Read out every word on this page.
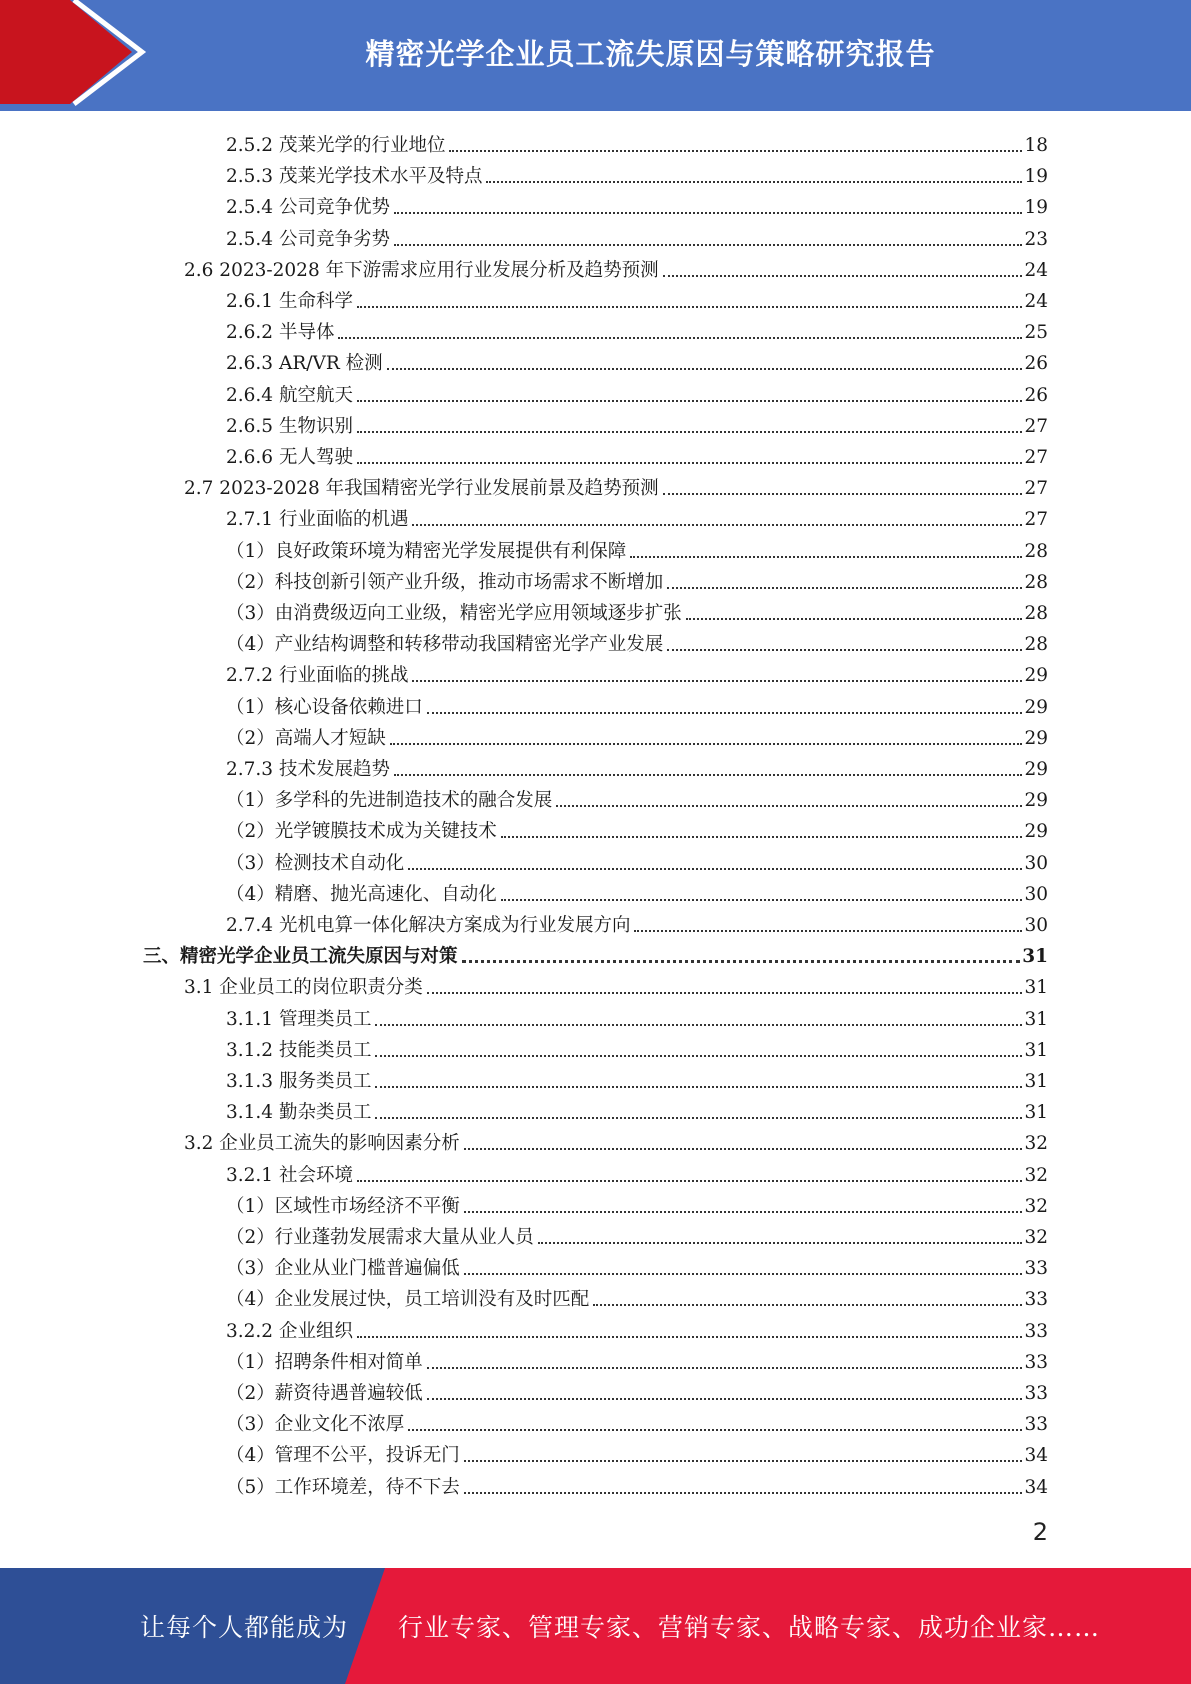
精密光学企业员工流失原因与策略研究报告
2.5.2 茂莱光学的行业地位	18
2.5.3 茂莱光学技术水平及特点	19
2.5.4 公司竞争优势	19
2.5.4 公司竞争劣势	23
2.6 2023-2028 年下游需求应用行业发展分析及趋势预测	24
2.6.1 生命科学	24
2.6.2 半导体	25
2.6.3 AR/VR 检测	26
2.6.4 航空航天	26
2.6.5 生物识别	27
2.6.6 无人驾驶	27
2.7 2023-2028 年我国精密光学行业发展前景及趋势预测	27
2.7.1 行业面临的机遇	27
（1）良好政策环境为精密光学发展提供有利保障	28
（2）科技创新引领产业升级，推动市场需求不断增加	28
（3）由消费级迈向工业级，精密光学应用领域逐步扩张	28
（4）产业结构调整和转移带动我国精密光学产业发展	28
2.7.2 行业面临的挑战	29
（1）核心设备依赖进口	29
（2）高端人才短缺	29
2.7.3 技术发展趋势	29
（1）多学科的先进制造技术的融合发展	29
（2）光学镀膜技术成为关键技术	29
（3）检测技术自动化	30
（4）精磨、抛光高速化、自动化	30
2.7.4 光机电算一体化解决方案成为行业发展方向	30
三、精密光学企业员工流失原因与对策	31
3.1 企业员工的岗位职责分类	31
3.1.1 管理类员工	31
3.1.2 技能类员工	31
3.1.3 服务类员工	31
3.1.4 勤杂类员工	31
3.2 企业员工流失的影响因素分析	32
3.2.1 社会环境	32
（1）区域性市场经济不平衡	32
（2）行业蓬勃发展需求大量从业人员	32
（3）企业从业门槛普遍偏低	33
（4）企业发展过快，员工培训没有及时匹配	33
3.2.2 企业组织	33
（1）招聘条件相对简单	33
（2）薪资待遇普遍较低	33
（3）企业文化不浓厚	33
（4）管理不公平，投诉无门	34
（5）工作环境差，待不下去	34
2
让每个人都能成为 行业专家、管理专家、营销专家、战略专家、成功企业家……
